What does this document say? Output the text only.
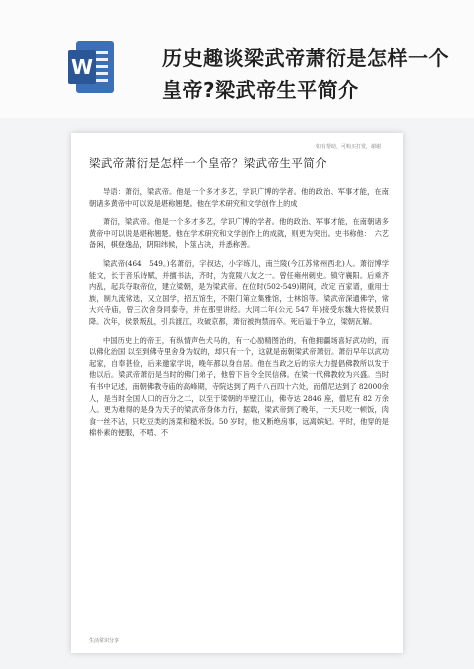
W	历史趣谈梁武帝萧衍是怎样一个皇帝?梁武帝生平简介
如有帮助，可购买打赏，谢谢
梁武帝萧衍是怎样一个皇帝？梁武帝生平简介

导语：萧衍，梁武帝。他是一个多才多艺，学识广博的学者。他的政治、军事才能，在南朝诸多黄帝中可以说是堪称翘楚。他在学术研究和文学创作上的成

萧衍，梁武帝。他是一个多才多艺，学识广博的学者。他的政治、军事才能，在南朝诸多黄帝中可以说是堪称翘楚。他在学术研究和文学创作上的成就，则更为突出。史书称他：　六艺备闲，棋登逸品，阴阳纬候，卜筮占决，并悉称善。

梁武帝(464　549。)名萧衍，字叔达，小字练儿，南兰陵(今江苏常州西北)人。萧衍博学能文，长于音乐诗赋，并擅书法，齐时，为竟陵八友之一。曾任雍州刺史。镇守襄阳。后乘齐内乱，起兵夺取帝位，建立梁朝，是为梁武帝。在位时(502-549)期间，改定 百家谱，重用士族，制九流常选，又立国学，招五馆生，不限门第立集雅馆，士林馆等。梁武帝深通佛学，常大兴寺庙，曾三次舍身同泰寺，并在那里讲经。大同二年(公元 547 年)接受东魏大将侯景归降。次年，侯景叛乱，引兵渡江，攻破京都，萧衍被拘禁而卒。死后谥于争立，梁朝瓦解。

中国历史上的帝王，有纵情声色犬马的，有一心励精图治的，有他拥疆场喜好武功的，而 以佛化治国 以至到佛寺里舍身为奴的，却只有一个，这就是南朝梁武帝萧衍。萧衍早年以武功起家，自奉甚俭，后来邀家学说，晚年都以身自居。他在当政之后的宗大力提倡佛教所以发于他以后。梁武帝萧衍是当时的佛门弟子，他曾下旨令全民信佛。在梁一代佛教较为兴盛。当时有书中记述，南朝佛教寺庙的高峰期，寺院达到了两千八百四十六处，而僧尼达到了 82000余人，是当时全国人口的百分之二，以至于梁朝的半壁江山，佛寺达 2846 座，僧尼有 82 万余人。更为难得的是身为天子的梁武帝身体力行，据载，梁武帝到了晚年，一天只吃一顿饭，肉食一丝不沾，只吃豆类的汤菜和糙米饭。50 岁时，他又断绝房事，远离嫔妃。平时，他穿的是棉朴素的便服，不啃、不

生活常识分享
